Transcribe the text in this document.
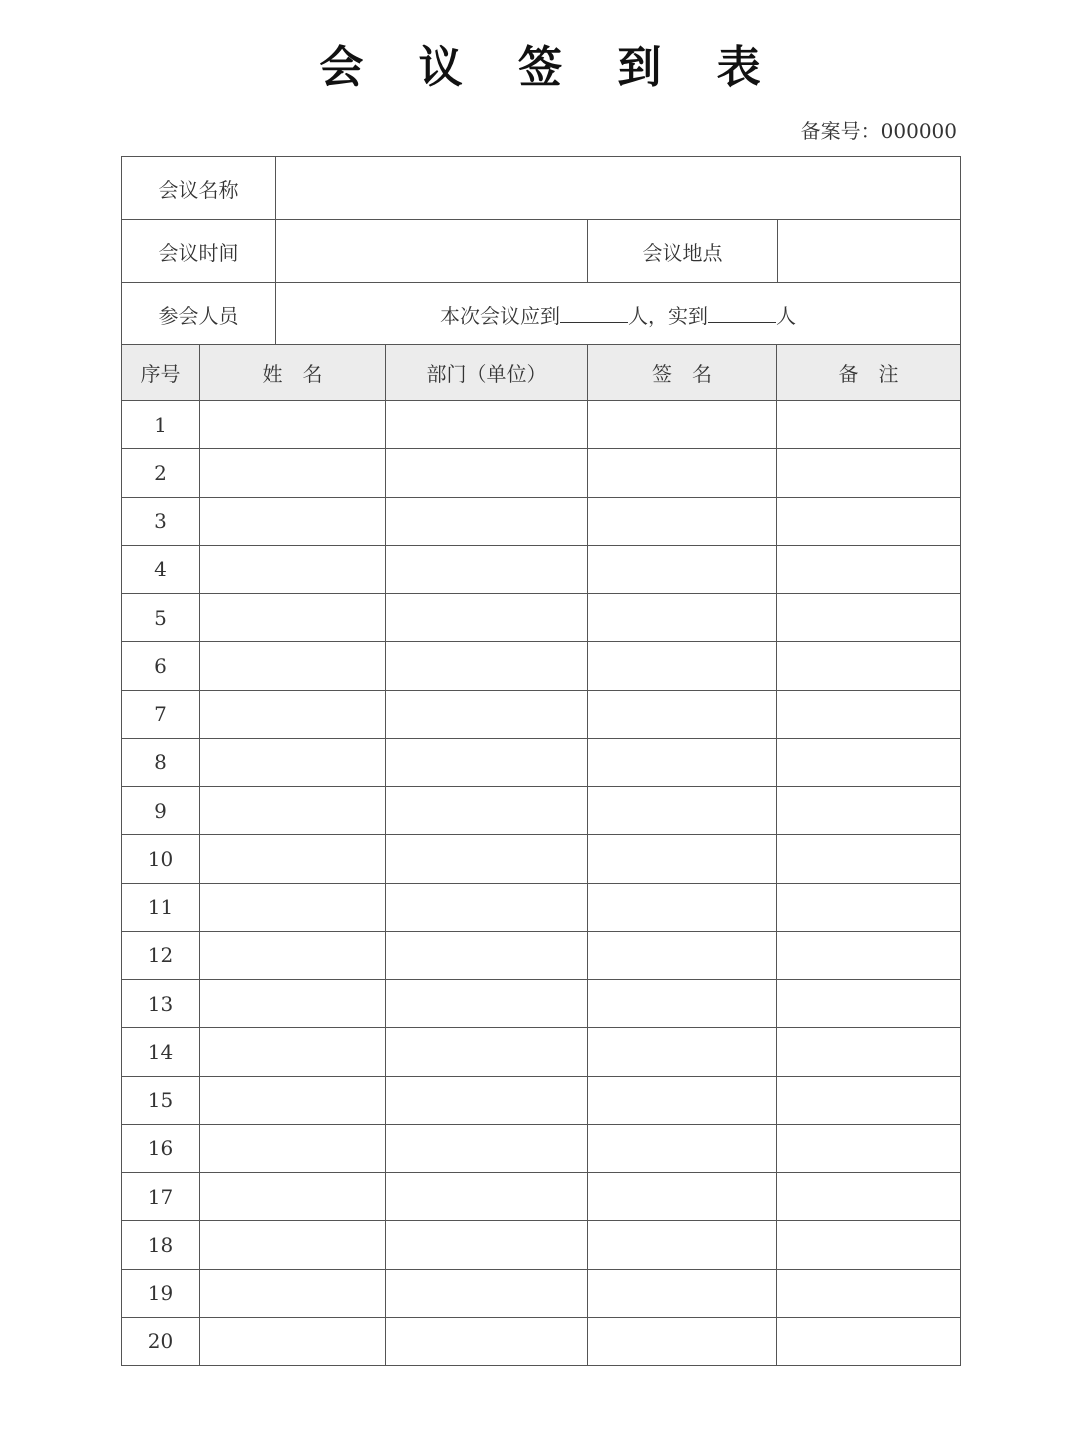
会 议 签 到 表
备案号：000000
会议名称			
会议时间		会议地点	
参会人员	本次会议应到 人，实到 人		
序号	姓　名	部门（单位）	签　名	备　注
1				
2				
3				
4				
5				
6				
7				
8				
9				
10				
11				
12				
13				
14				
15				
16				
17				
18				
19				
20				
